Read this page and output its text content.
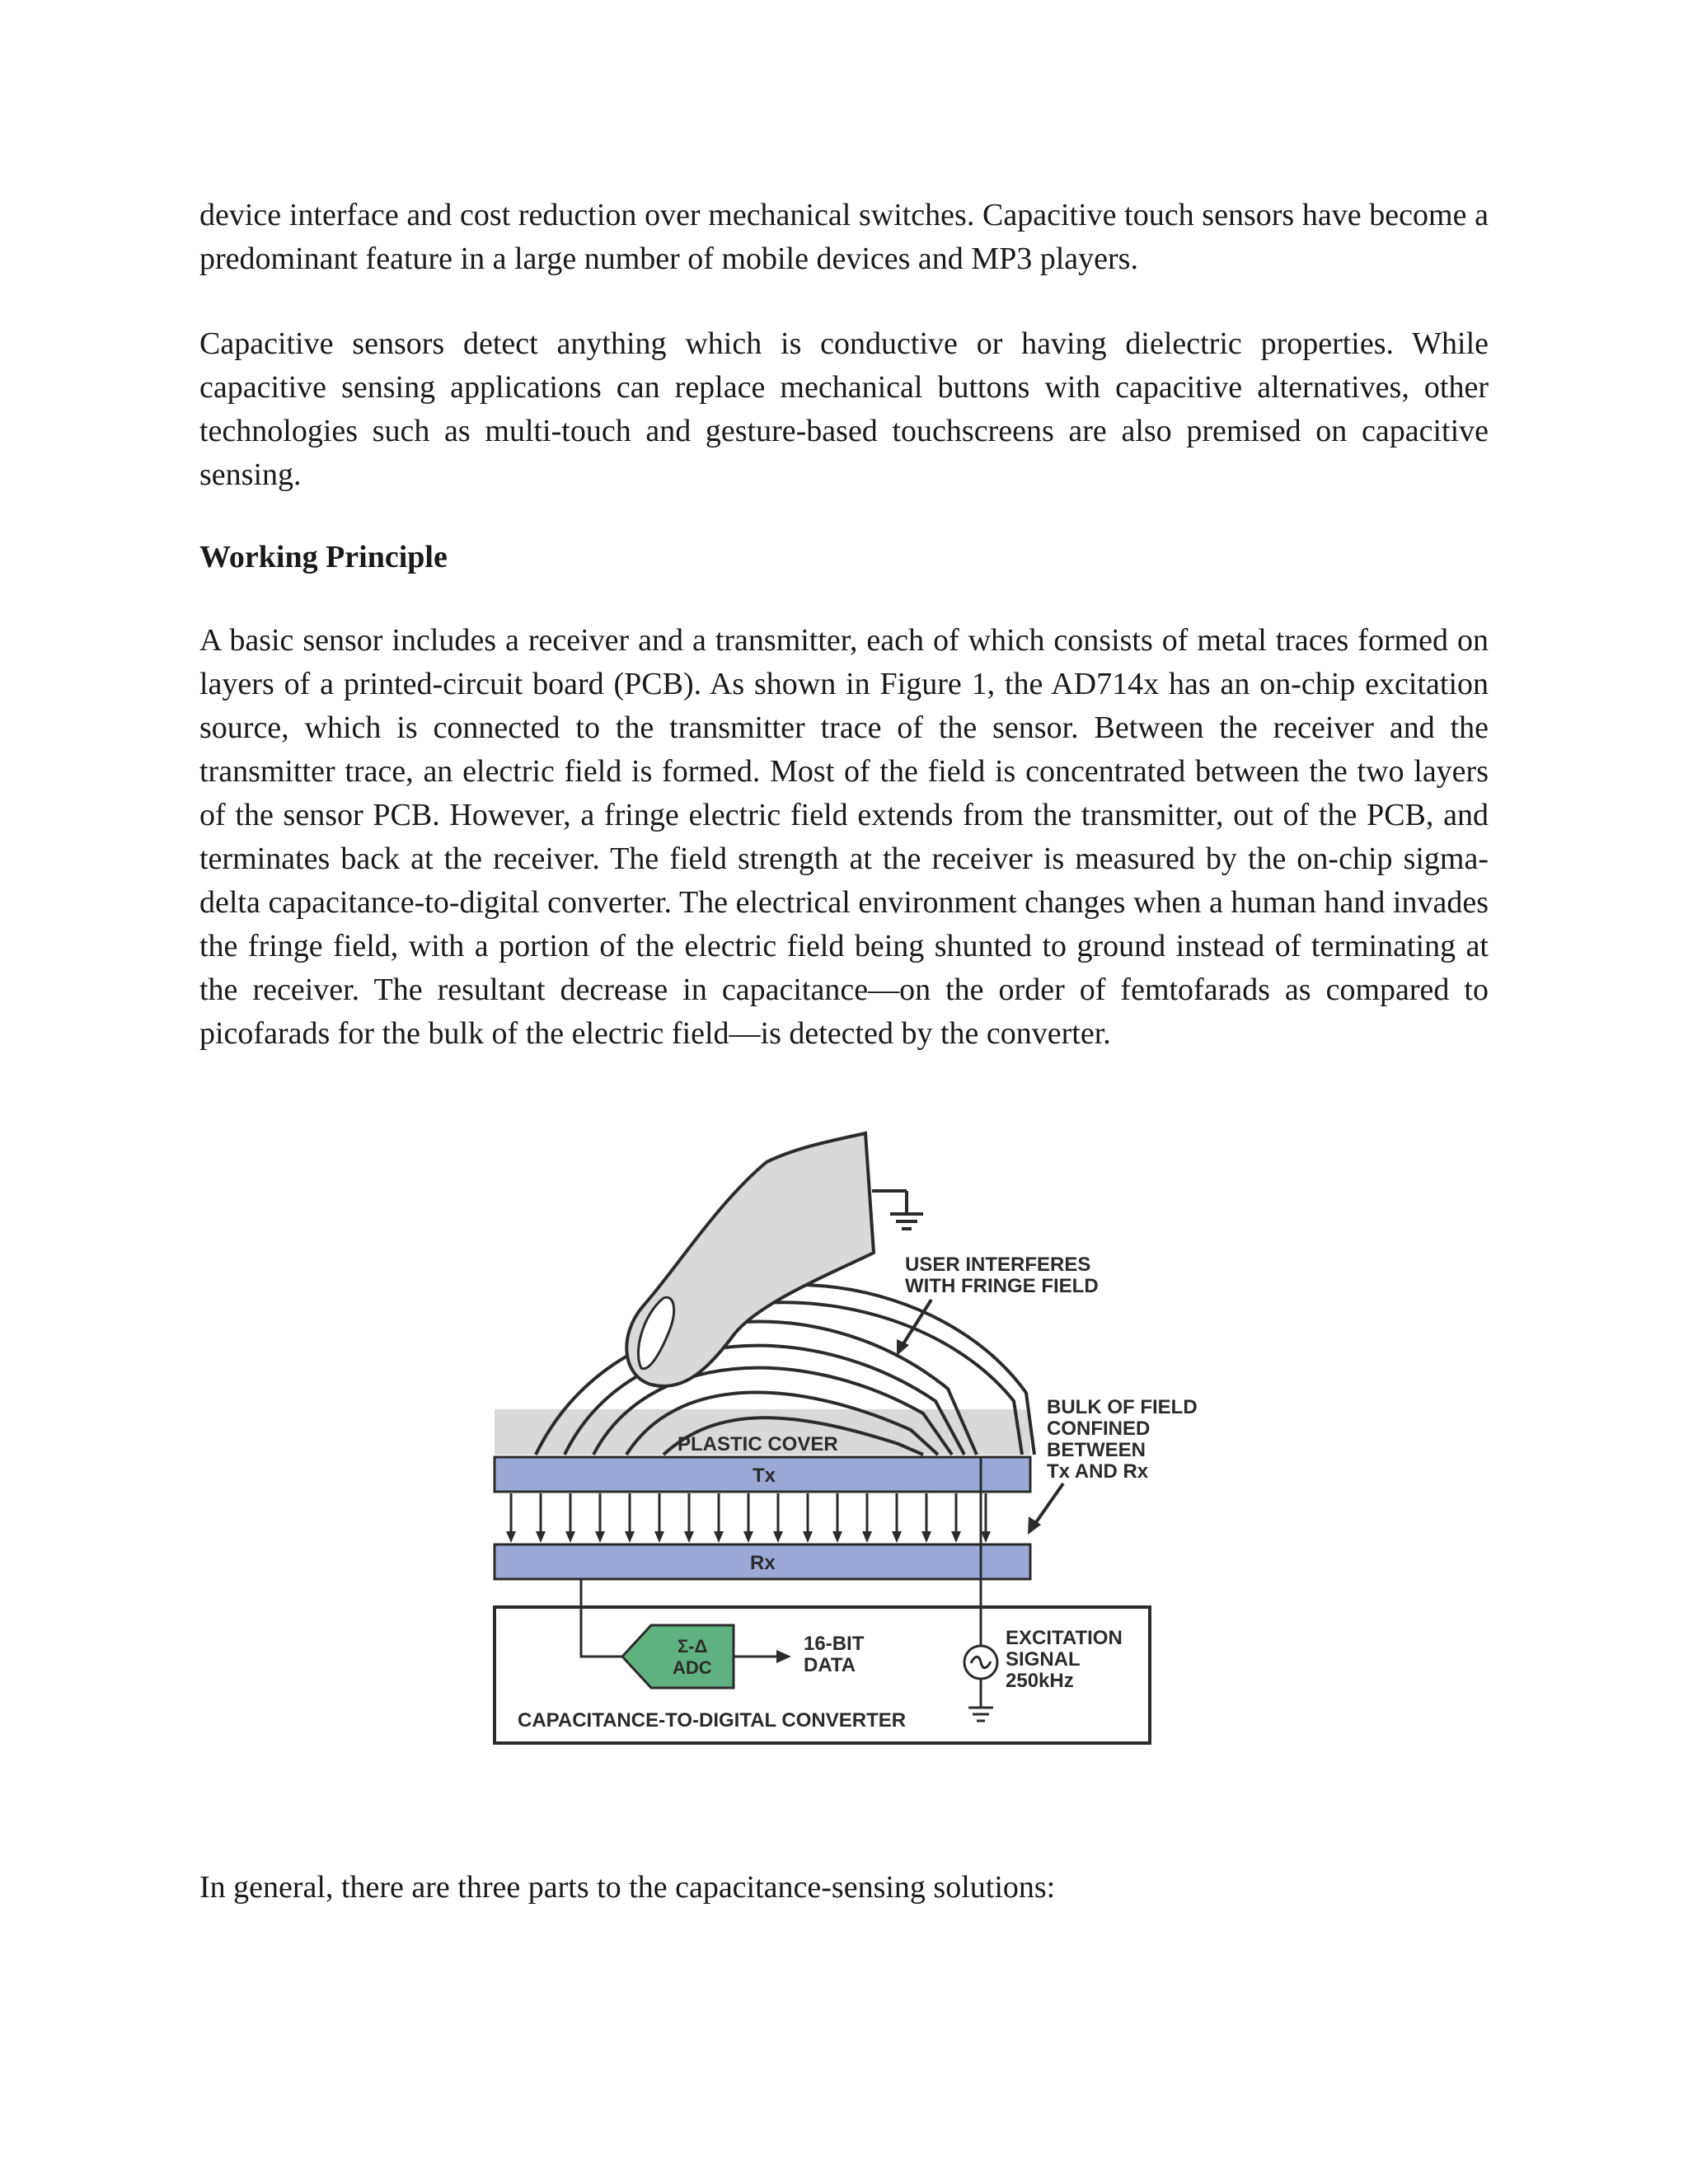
device interface and cost reduction over mechanical switches. Capacitive touch sensors have become a predominant feature in a large number of mobile devices and MP3 players.

Capacitive sensors detect anything which is conductive or having dielectric properties. While capacitive sensing applications can replace mechanical buttons with capacitive alternatives, other technologies such as multi-touch and gesture-based touchscreens are also premised on capacitive sensing.

Working Principle

A basic sensor includes a receiver and a transmitter, each of which consists of metal traces formed on layers of a printed-circuit board (PCB). As shown in Figure 1, the AD714x has an on-chip excitation source, which is connected to the transmitter trace of the sensor. Between the receiver and the transmitter trace, an electric field is formed. Most of the field is concentrated between the two layers of the sensor PCB. However, a fringe electric field extends from the transmitter, out of the PCB, and terminates back at the receiver. The field strength at the receiver is measured by the on-chip sigma-delta capacitance-to-digital converter. The electrical environment changes when a human hand invades the fringe field, with a portion of the electric field being shunted to ground instead of terminating at the receiver. The resultant decrease in capacitance—on the order of femtofarads as compared to picofarads for the bulk of the electric field—is detected by the converter.

USER INTERFERES
WITH FRINGE FIELD
BULK OF FIELD
CONFINED
BETWEEN
Tx AND Rx
PLASTIC COVER
Tx
Rx
Σ-Δ
ADC
16-BIT
DATA
EXCITATION
SIGNAL
250kHz
CAPACITANCE-TO-DIGITAL CONVERTER

In general, there are three parts to the capacitance-sensing solutions:
